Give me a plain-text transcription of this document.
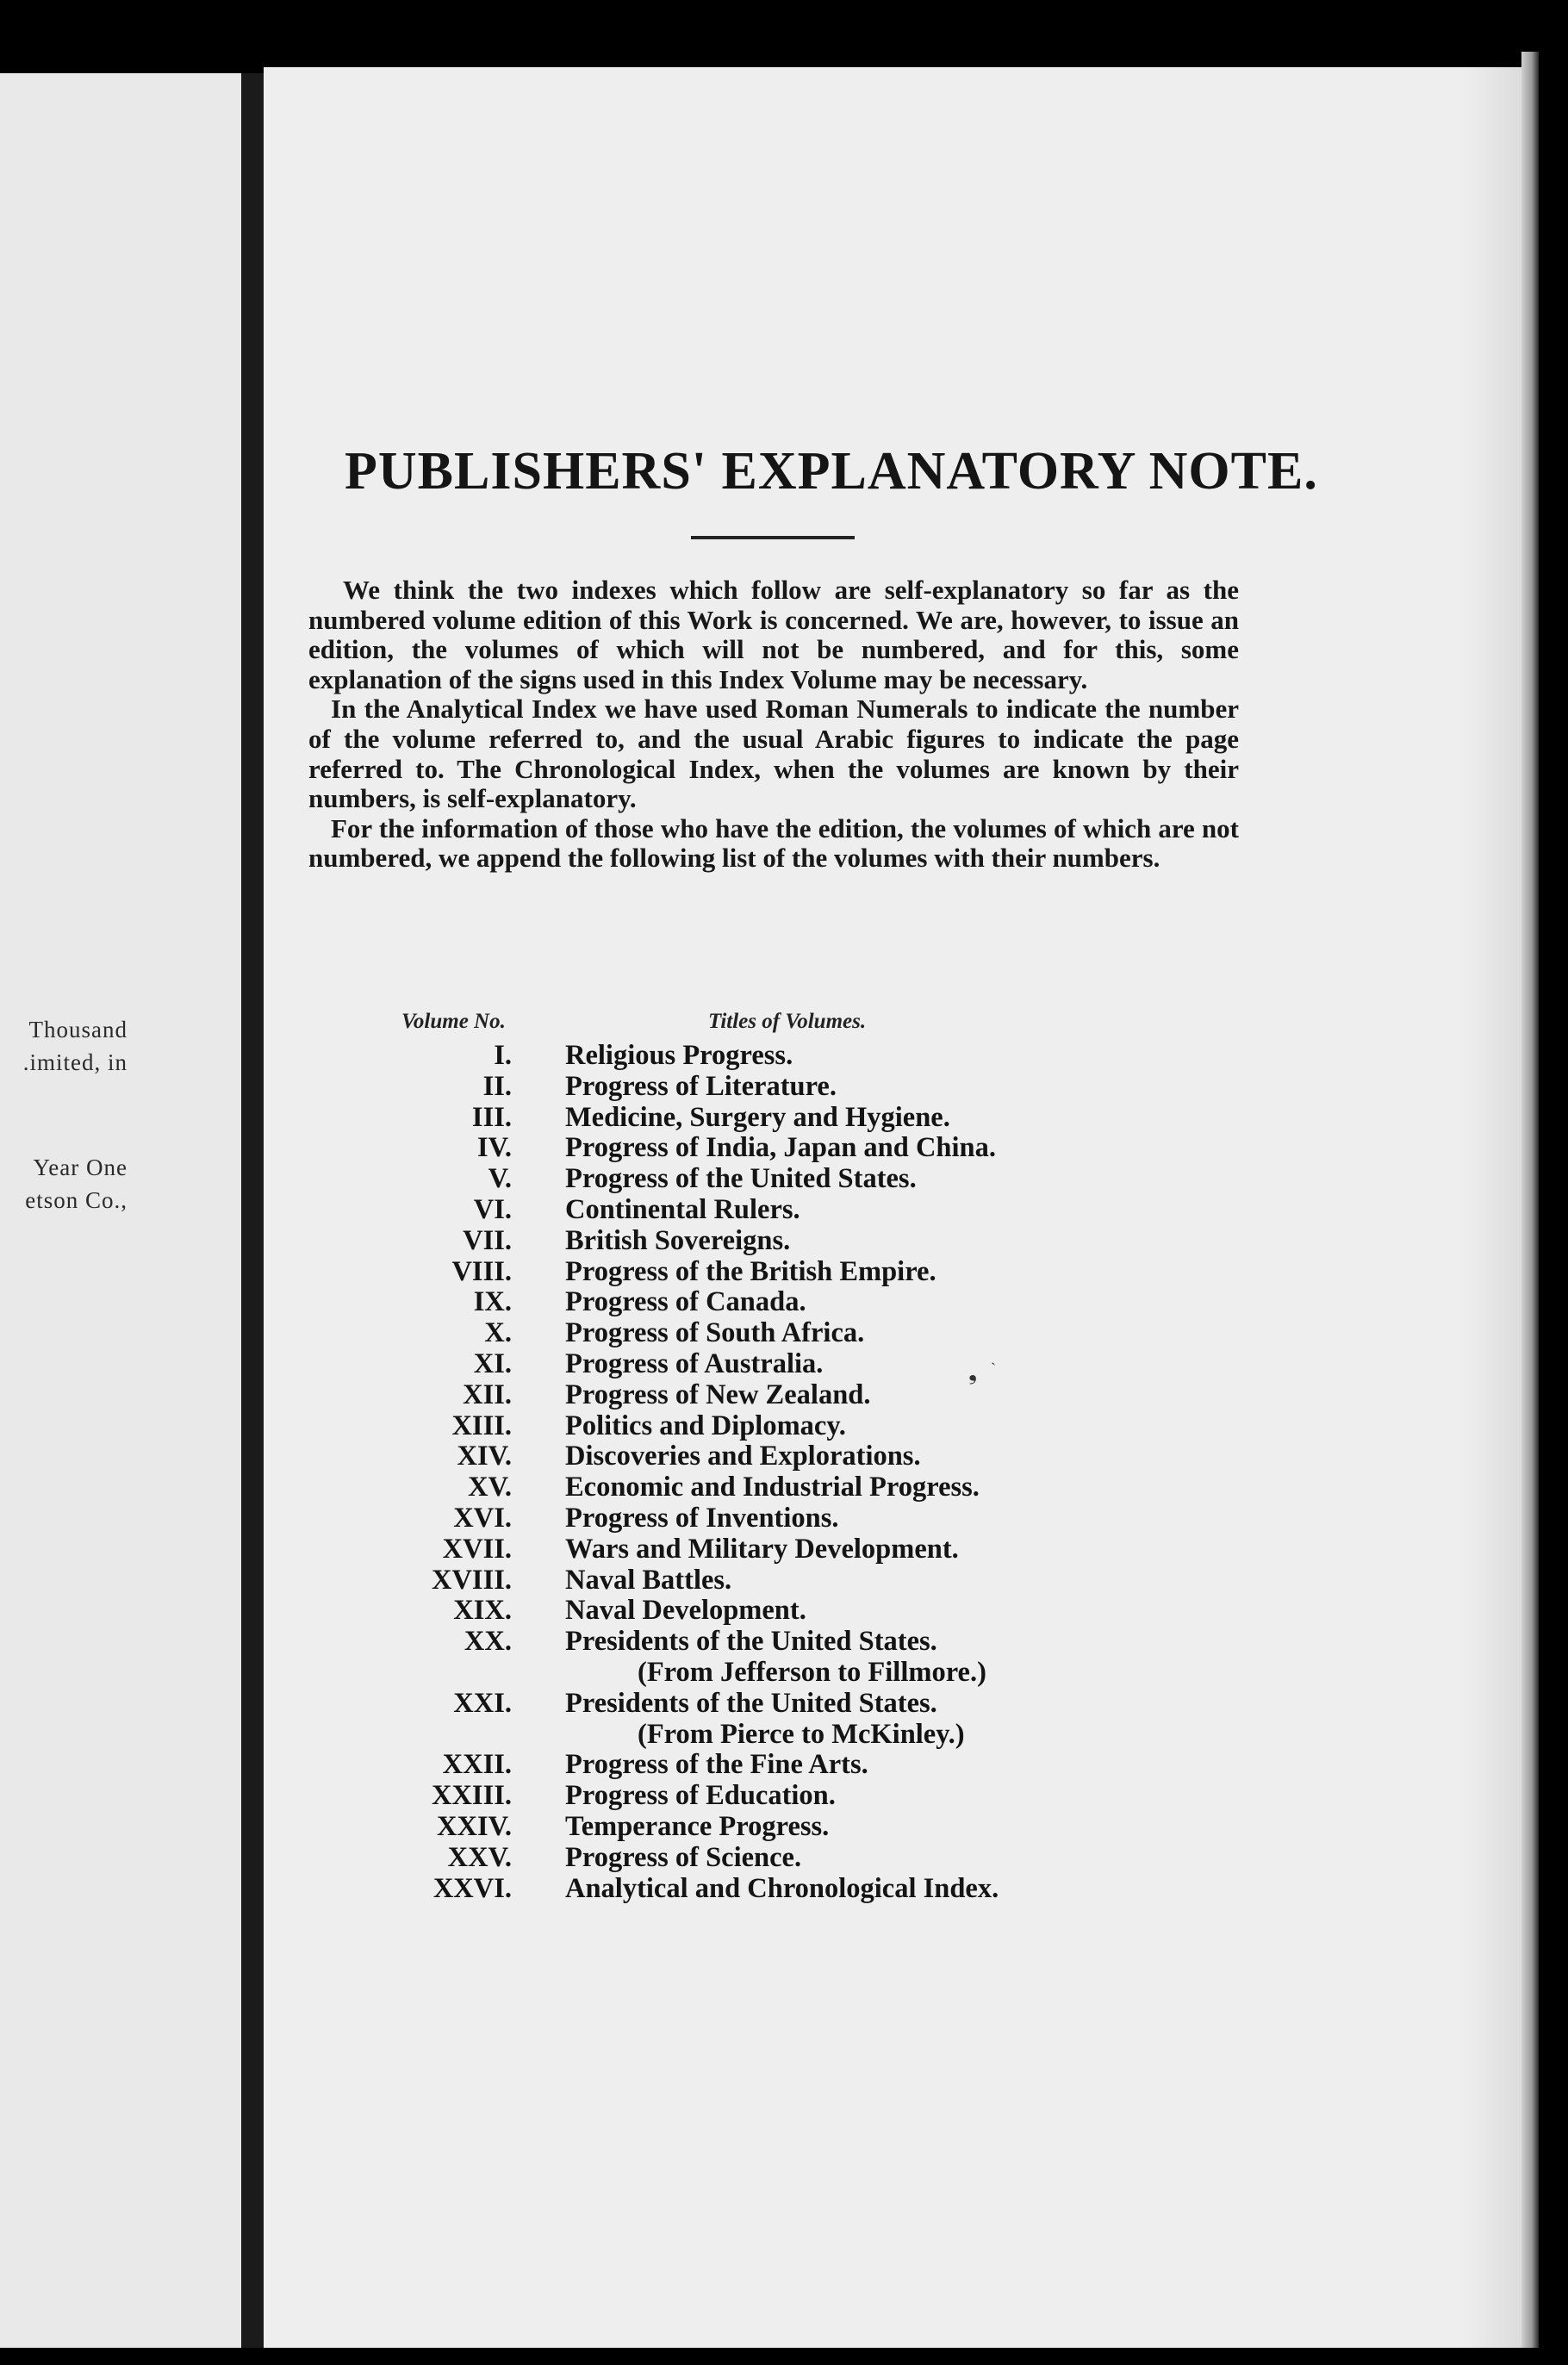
Thousand
.imited, in
Year One
etson Co.,
PUBLISHERS' EXPLANATORY NOTE.

We think the two indexes which follow are self-explanatory so far as the numbered volume edition of this Work is concerned. We are, however, to issue an edition, the volumes of which will not be numbered, and for this, some explanation of the signs used in this Index Volume may be necessary.

In the Analytical Index we have used Roman Numerals to indicate the number of the volume referred to, and the usual Arabic figures to indicate the page referred to. The Chronological Index, when the volumes are known by their numbers, is self-explanatory.

For the information of those who have the edition, the volumes of which are not numbered, we append the following list of the volumes with their numbers.

Volume No.	Titles of Volumes.
I. Religious Progress.
II. Progress of Literature.
III. Medicine, Surgery and Hygiene.
IV. Progress of India, Japan and China.
V. Progress of the United States.
VI. Continental Rulers.
VII. British Sovereigns.
VIII. Progress of the British Empire.
IX. Progress of Canada.
X. Progress of South Africa.
XI. Progress of Australia.
XII. Progress of New Zealand.
XIII. Politics and Diplomacy.
XIV. Discoveries and Explorations.
XV. Economic and Industrial Progress.
XVI. Progress of Inventions.
XVII. Wars and Military Development.
XVIII. Naval Battles.
XIX. Naval Development.
XX. Presidents of the United States.
(From Jefferson to Fillmore.)
XXI. Presidents of the United States.
(From Pierce to McKinley.)
XXII. Progress of the Fine Arts.
XXIII. Progress of Education.
XXIV. Temperance Progress.
XXV. Progress of Science.
XXVI. Analytical and Chronological Index.
❟ ˴
